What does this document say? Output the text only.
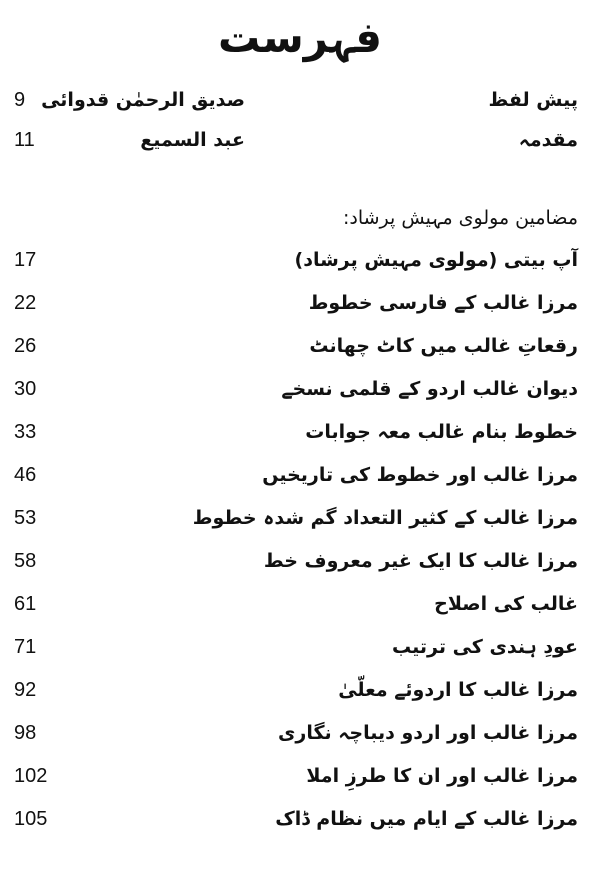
فہرست
9 صدیق الرحمٰن قدوائی	پیش لفظ
11	عبد السمیع	مقدمہ
مضامین مولوی مہیش پرشاد:
17	آپ بیتی (مولوی مہیش پرشاد)
22	مرزا غالب کے فارسی خطوط
26	رقعاتِ غالب میں کاٹ چھانٹ
30	دیوان غالب اردو کے قلمی نسخے
33	خطوط بنام غالب معہ جوابات
46	مرزا غالب اور خطوط کی تاریخیں
53	مرزا غالب کے کثیر التعداد گم شدہ خطوط
58	مرزا غالب کا ایک غیر معروف خط
61	غالب کی اصلاح
71	عودِ ہندی کی ترتیب
92	مرزا غالب کا اردوئے معلّیٰ
98	مرزا غالب اور اردو دیباچہ نگاری
102	مرزا غالب اور ان کا طرزِ املا
105	مرزا غالب کے ایام میں نظام ڈاک
